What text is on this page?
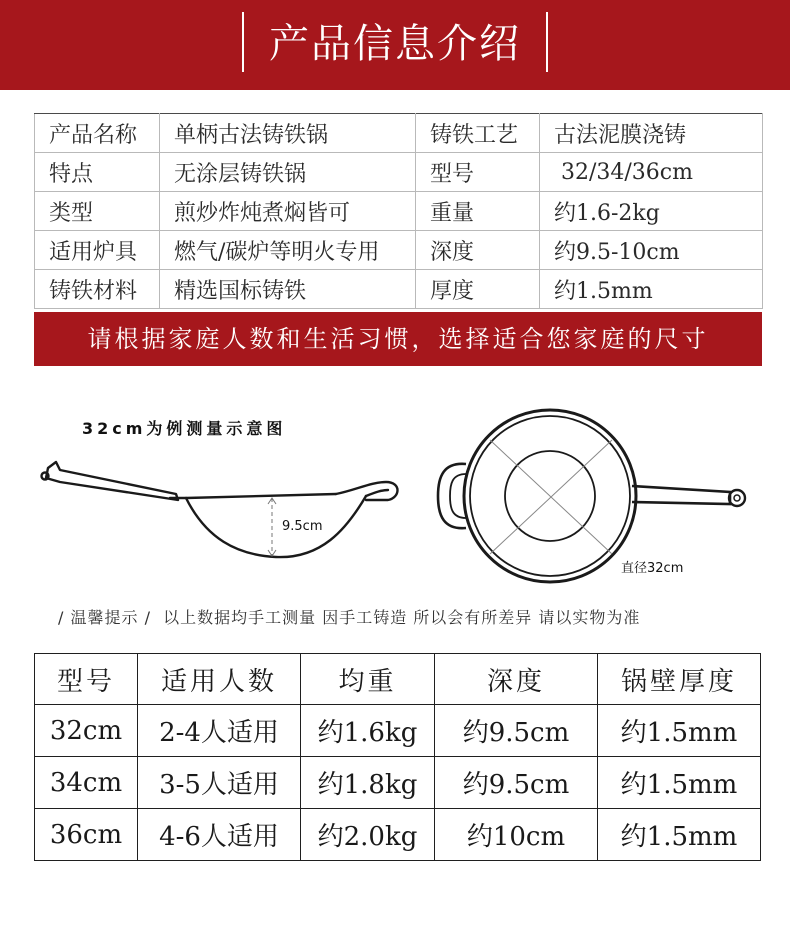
产品信息介绍
产品名称	单柄古法铸铁锅	铸铁工艺	古法泥膜浇铸
特点	无涂层铸铁锅	型号	32/34/36cm
类型	煎炒炸炖煮焖皆可	重量	约1.6-2kg
适用炉具	燃气/碳炉等明火专用	深度	约9.5-10cm
铸铁材料	精选国标铸铁	厚度	约1.5mm
请根据家庭人数和生活习惯，选择适合您家庭的尺寸
32cm为例测量示意图
9.5cm
直径32cm
/ 温馨提示 /  以上数据均手工测量 因手工铸造 所以会有所差异 请以实物为准
型号	适用人数	均重	深度	锅壁厚度
32cm	2-4人适用	约1.6kg	约9.5cm	约1.5mm
34cm	3-5人适用	约1.8kg	约9.5cm	约1.5mm
36cm	4-6人适用	约2.0kg	约10cm	约1.5mm
